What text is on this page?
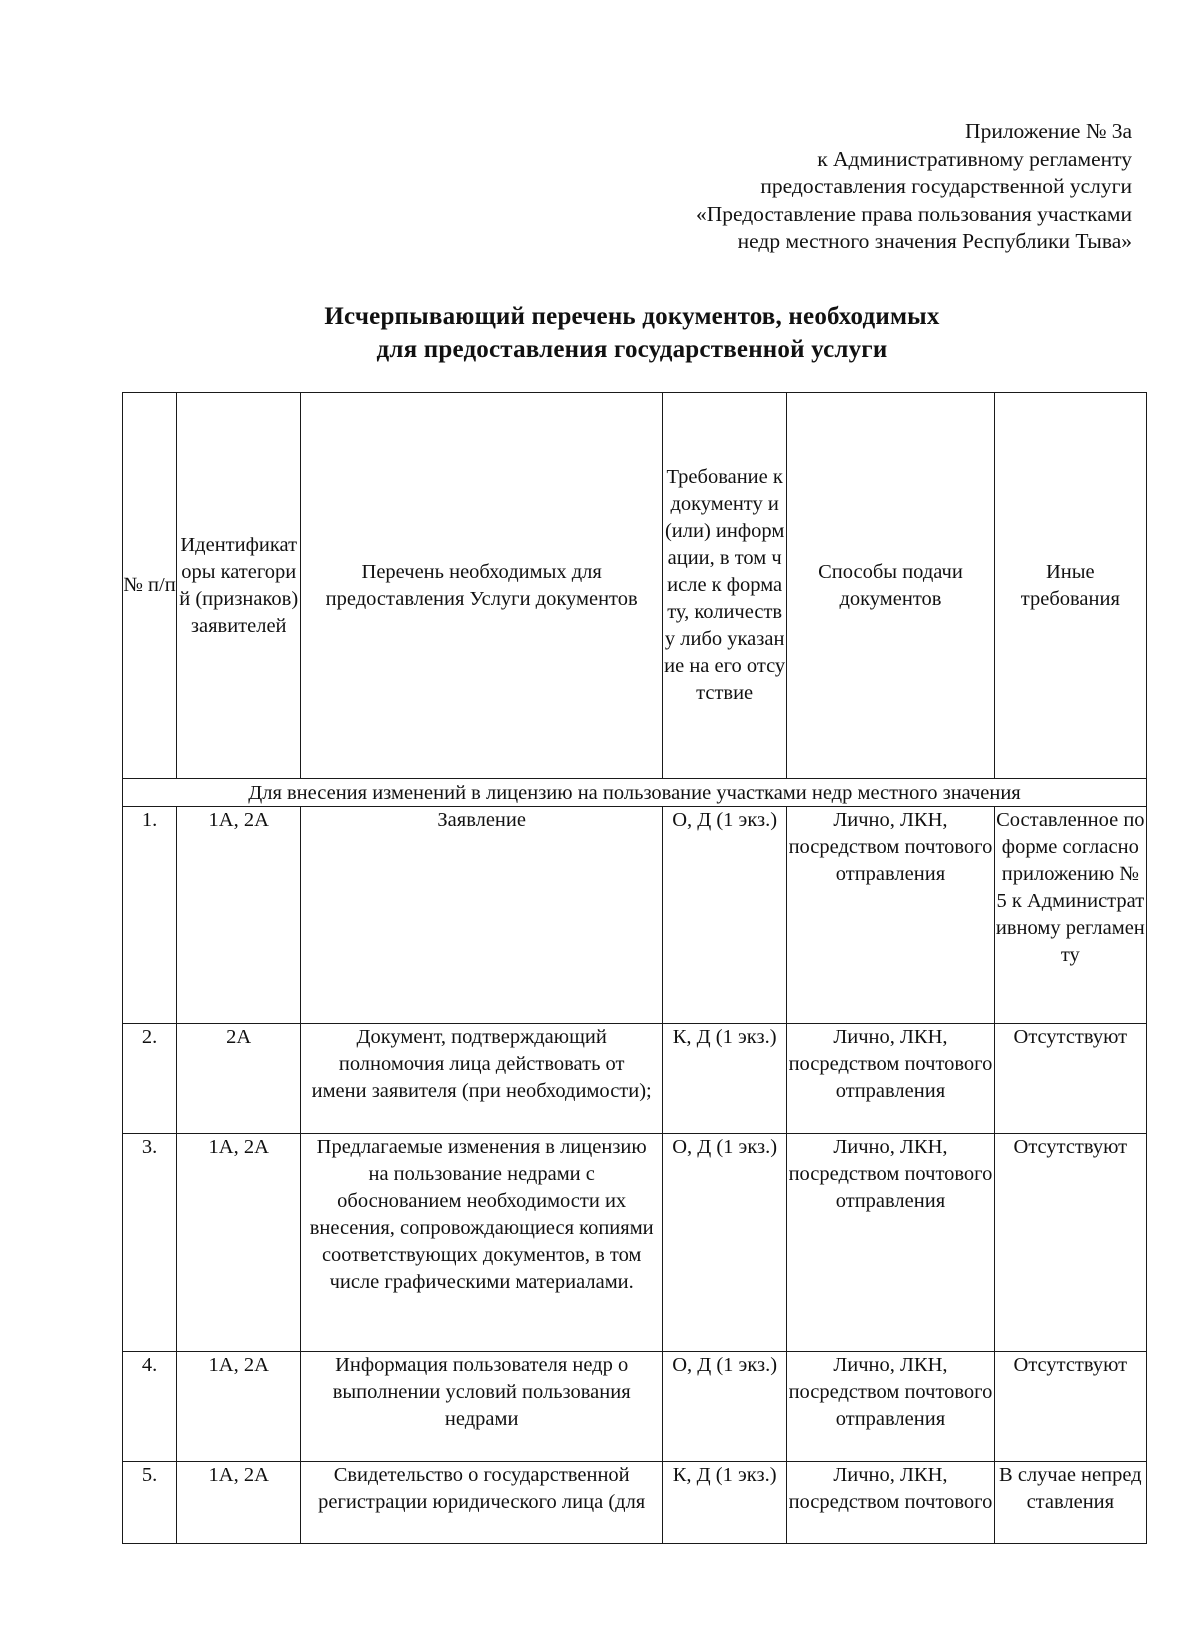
Приложение № 3а
к Административному регламенту
предоставления государственной услуги
«Предоставление права пользования участками
недр местного значения Республики Тыва»
Исчерпывающий перечень документов, необходимых
для предоставления государственной услуги
№ п/п	Идентификаторы категорий (признаков) заявителей	Перечень необходимых для предоставления Услуги документов	Требование к документу и (или) информации, в том числе к формату, количеству либо указание на его отсутствие	Способы подачи документов	Иные требования
Для внесения изменений в лицензию на пользование участками недр местного значения					
1.	1А, 2А	Заявление	О, Д (1 экз.)	Лично, ЛКН, посредством почтового отправления	Составленное по форме согласно приложению № 5 к Административному регламенту
2.	2А	Документ, подтверждающий полномочия лица действовать от имени заявителя (при необходимости);	К, Д (1 экз.)	Лично, ЛКН, посредством почтового отправления	Отсутствуют
3.	1А, 2А	Предлагаемые изменения в лицензию на пользование недрами с обоснованием необходимости их внесения, сопровождающиеся копиями соответствующих документов, в том числе графическими материалами.	О, Д (1 экз.)	Лично, ЛКН, посредством почтового отправления	Отсутствуют
4.	1А, 2А	Информация пользователя недр о выполнении условий пользования недрами	О, Д (1 экз.)	Лично, ЛКН, посредством почтового отправления	Отсутствуют
5.	1А, 2А	Свидетельство о государственной регистрации юридического лица (для	К, Д (1 экз.)	Лично, ЛКН, посредством почтового	В случае непредставления
